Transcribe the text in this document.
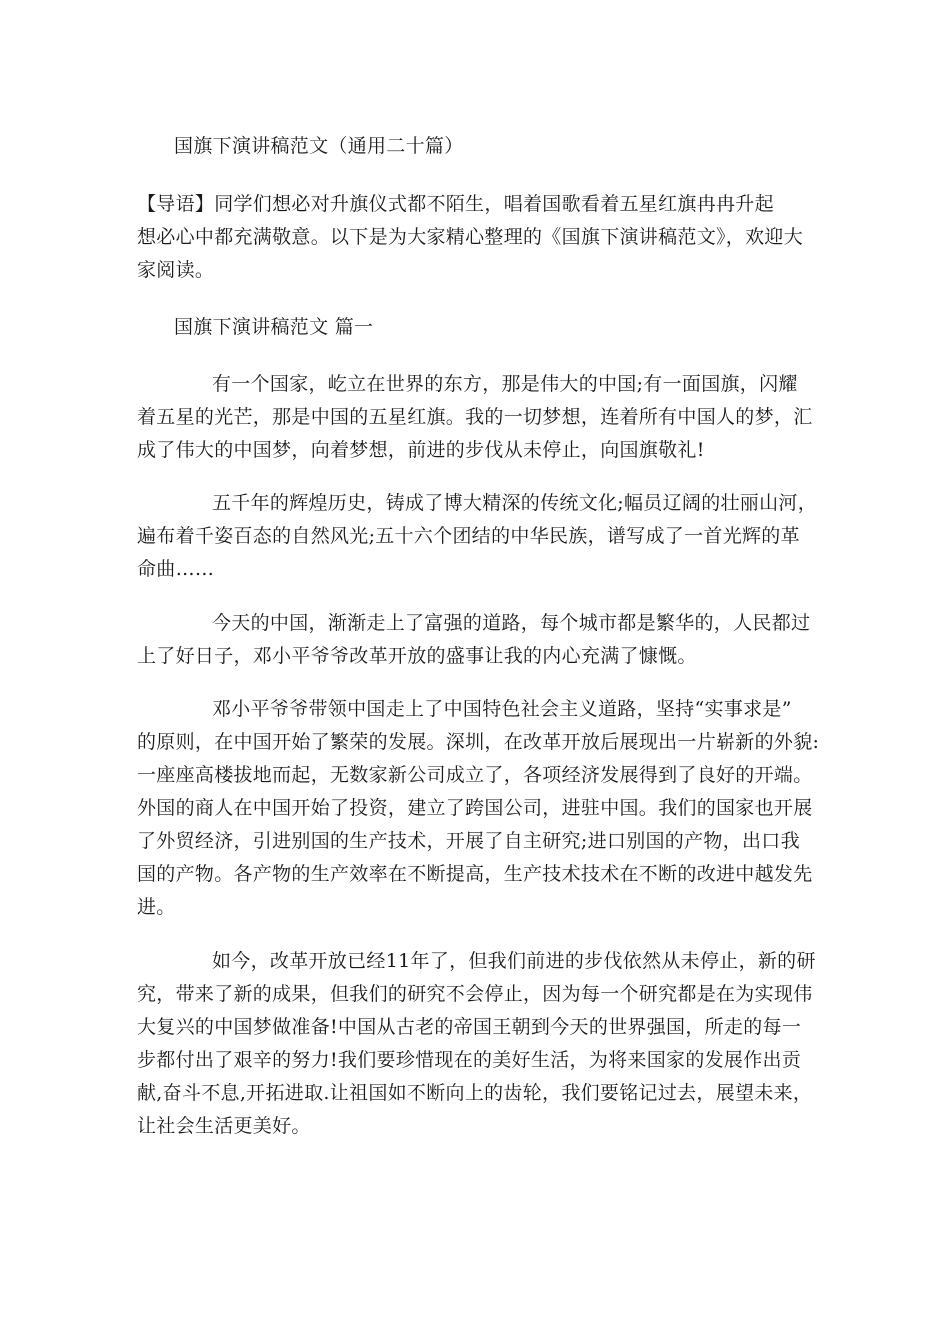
国旗下演讲稿范文（通用二十篇）
【导语】同学们想必对升旗仪式都不陌生，唱着国歌看着五星红旗冉冉升起
想必心中都充满敬意。以下是为大家精心整理的《国旗下演讲稿范文》，欢迎大
家阅读。
国旗下演讲稿范文 篇一
有一个国家，屹立在世界的东方，那是伟大的中国;有一面国旗，闪耀
着五星的光芒，那是中国的五星红旗。我的一切梦想，连着所有中国人的梦，汇
成了伟大的中国梦，向着梦想，前进的步伐从未停止，向国旗敬礼!
五千年的辉煌历史，铸成了博大精深的传统文化;幅员辽阔的壮丽山河，
遍布着千姿百态的自然风光;五十六个团结的中华民族，谱写成了一首光辉的革
命曲……
今天的中国，渐渐走上了富强的道路，每个城市都是繁华的，人民都过
上了好日子，邓小平爷爷改革开放的盛事让我的内心充满了慷慨。
邓小平爷爷带领中国走上了中国特色社会主义道路，坚持“实事求是”
的原则，在中国开始了繁荣的发展。深圳，在改革开放后展现出一片崭新的外貌:
一座座高楼拔地而起，无数家新公司成立了，各项经济发展得到了良好的开端。
外国的商人在中国开始了投资，建立了跨国公司，进驻中国。我们的国家也开展
了外贸经济，引进别国的生产技术，开展了自主研究;进口别国的产物，出口我
国的产物。各产物的生产效率在不断提高，生产技术技术在不断的改进中越发先
进。
如今，改革开放已经11年了，但我们前进的步伐依然从未停止，新的研
究，带来了新的成果，但我们的研究不会停止，因为每一个研究都是在为实现伟
大复兴的中国梦做准备!中国从古老的帝国王朝到今天的世界强国，所走的每一
步都付出了艰辛的努力!我们要珍惜现在的美好生活，为将来国家的发展作出贡
献,奋斗不息,开拓进取.让祖国如不断向上的齿轮，我们要铭记过去，展望未来，
让社会生活更美好。
